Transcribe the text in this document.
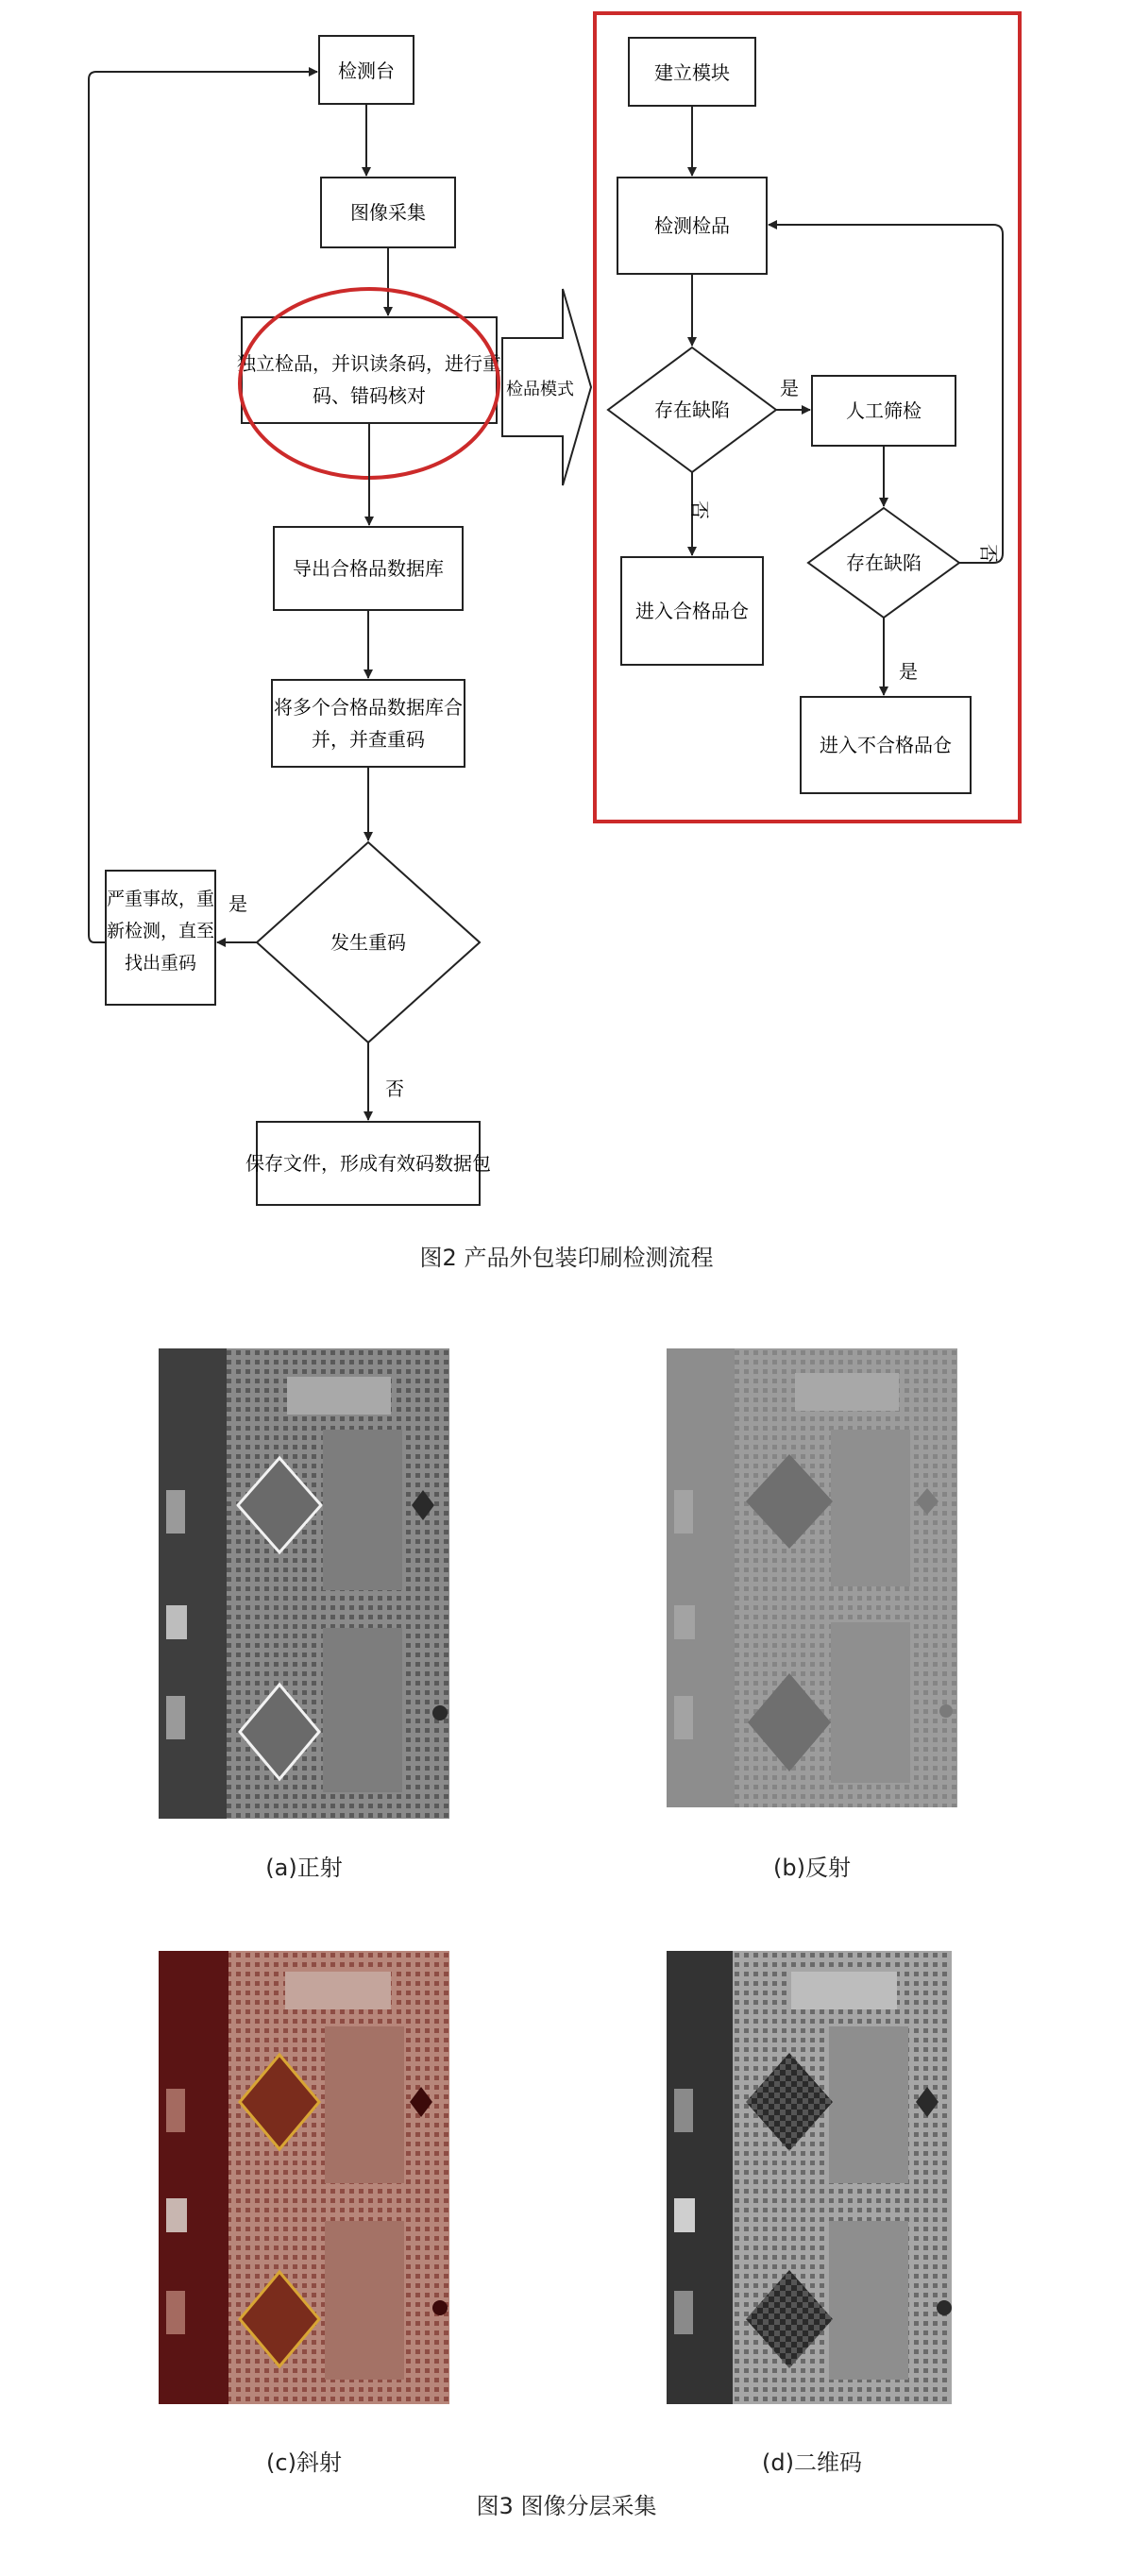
检测台
图像采集
独立检品，并识读条码，进行重
码、错码核对
导出合格品数据库
将多个合格品数据库合
并，并查重码
发生重码
是
严重事故，重
新检测，直至
找出重码
否
保存文件，形成有效码数据包
检品模式
建立模块
检测检品
存在缺陷
是
人工筛检
存在缺陷	否
否
进入合格品仓
是
进入不合格品仓
图2 产品外包装印刷检测流程
(a)正射	(b)反射
(c)斜射	(d)二维码
图3 图像分层采集
